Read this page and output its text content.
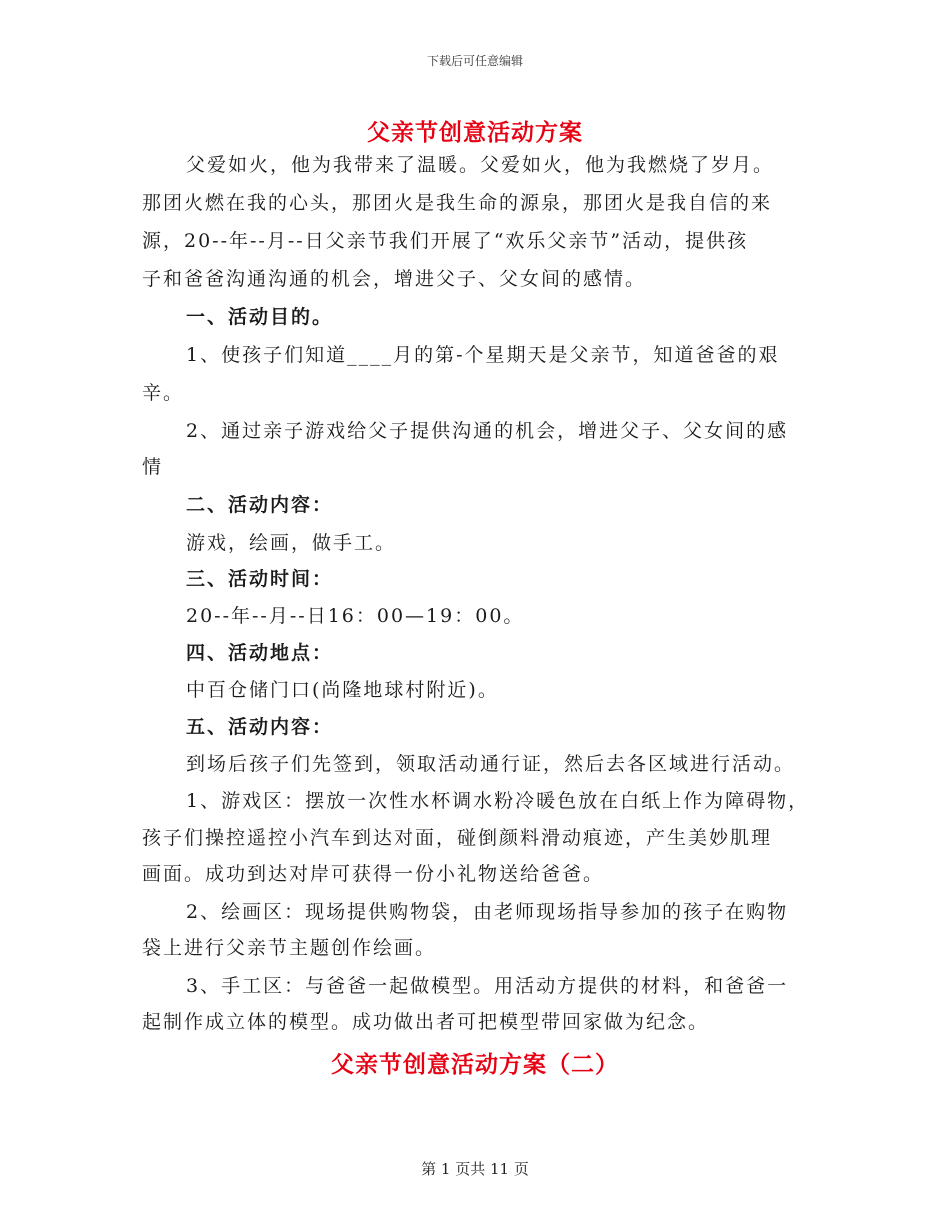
下载后可任意编辑
父亲节创意活动方案
父爱如火，他为我带来了温暖。父爱如火，他为我燃烧了岁月。
那团火燃在我的心头，那团火是我生命的源泉，那团火是我自信的来
源，20--年--月--日父亲节我们开展了“欢乐父亲节”活动，提供孩
子和爸爸沟通沟通的机会，增进父子、父女间的感情。
一、活动目的。
1、使孩子们知道____月的第-个星期天是父亲节，知道爸爸的艰
辛。
2、通过亲子游戏给父子提供沟通的机会，增进父子、父女间的感
情
二、活动内容：
游戏，绘画，做手工。
三、活动时间：
20--年--月--日16：00—19：00。
四、活动地点：
中百仓储门口(尚隆地球村附近)。
五、活动内容：
到场后孩子们先签到，领取活动通行证，然后去各区域进行活动。
1、游戏区：摆放一次性水杯调水粉冷暖色放在白纸上作为障碍物，
孩子们操控遥控小汽车到达对面，碰倒颜料滑动痕迹，产生美妙肌理
画面。成功到达对岸可获得一份小礼物送给爸爸。
2、绘画区：现场提供购物袋，由老师现场指导参加的孩子在购物
袋上进行父亲节主题创作绘画。
3、手工区：与爸爸一起做模型。用活动方提供的材料，和爸爸一
起制作成立体的模型。成功做出者可把模型带回家做为纪念。
父亲节创意活动方案（二）
第 1 页共 11 页
